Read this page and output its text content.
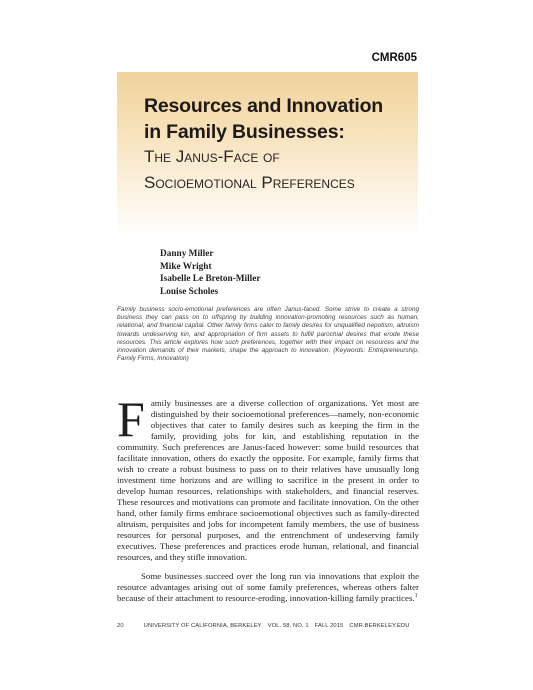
CMR605
Resources and Innovation
in Family Businesses:
The Janus-Face of
Socioemotional Preferences
Danny Miller
Mike Wright
Isabelle Le Breton-Miller
Louise Scholes

Family business socio-emotional preferences are often Janus-faced. Some strive to create a strong business they can pass on to offspring by building innovation-promoting resources such as human, relational, and financial capital. Other family firms cater to family desires for unqualified nepotism, altruism towards undeserving kin, and appropriation of firm assets to fulfill parochial desires that erode these resources. This article explores how such preferences, together with their impact on resources and the innovation demands of their markets, shape the approach to innovation. (Keywords: Entrepreneurship, Family Firms, Innovation)

Family businesses are a diverse collection of organizations. Yet most are distinguished by their socioemotional preferences—namely, non-economic objectives that cater to family desires such as keeping the firm in the family, providing jobs for kin, and establishing reputation in the community. Such preferences are Janus-faced however: some build resources that facilitate innovation, others do exactly the opposite. For example, family firms that wish to create a robust business to pass on to their relatives have unusually long investment time horizons and are willing to sacrifice in the present in order to develop human resources, relationships with stakeholders, and financial reserves. These resources and motivations can promote and facilitate innovation. On the other hand, other family firms embrace socioemotional objectives such as family-directed altruism, perquisites and jobs for incompetent family members, the use of business resources for personal purposes, and the entrenchment of undeserving family executives. These preferences and practices erode human, relational, and financial resources, and they stifle innovation.

Some businesses succeed over the long run via innovations that exploit the resource advantages arising out of some family preferences, whereas others falter because of their attachment to resource-eroding, innovation-killing family practices.$^1$

20	UNIVERSITY OF CALIFORNIA, BERKELEY VOL. 58, NO. 1 FALL 2015 CMR.BERKELEY.EDU
